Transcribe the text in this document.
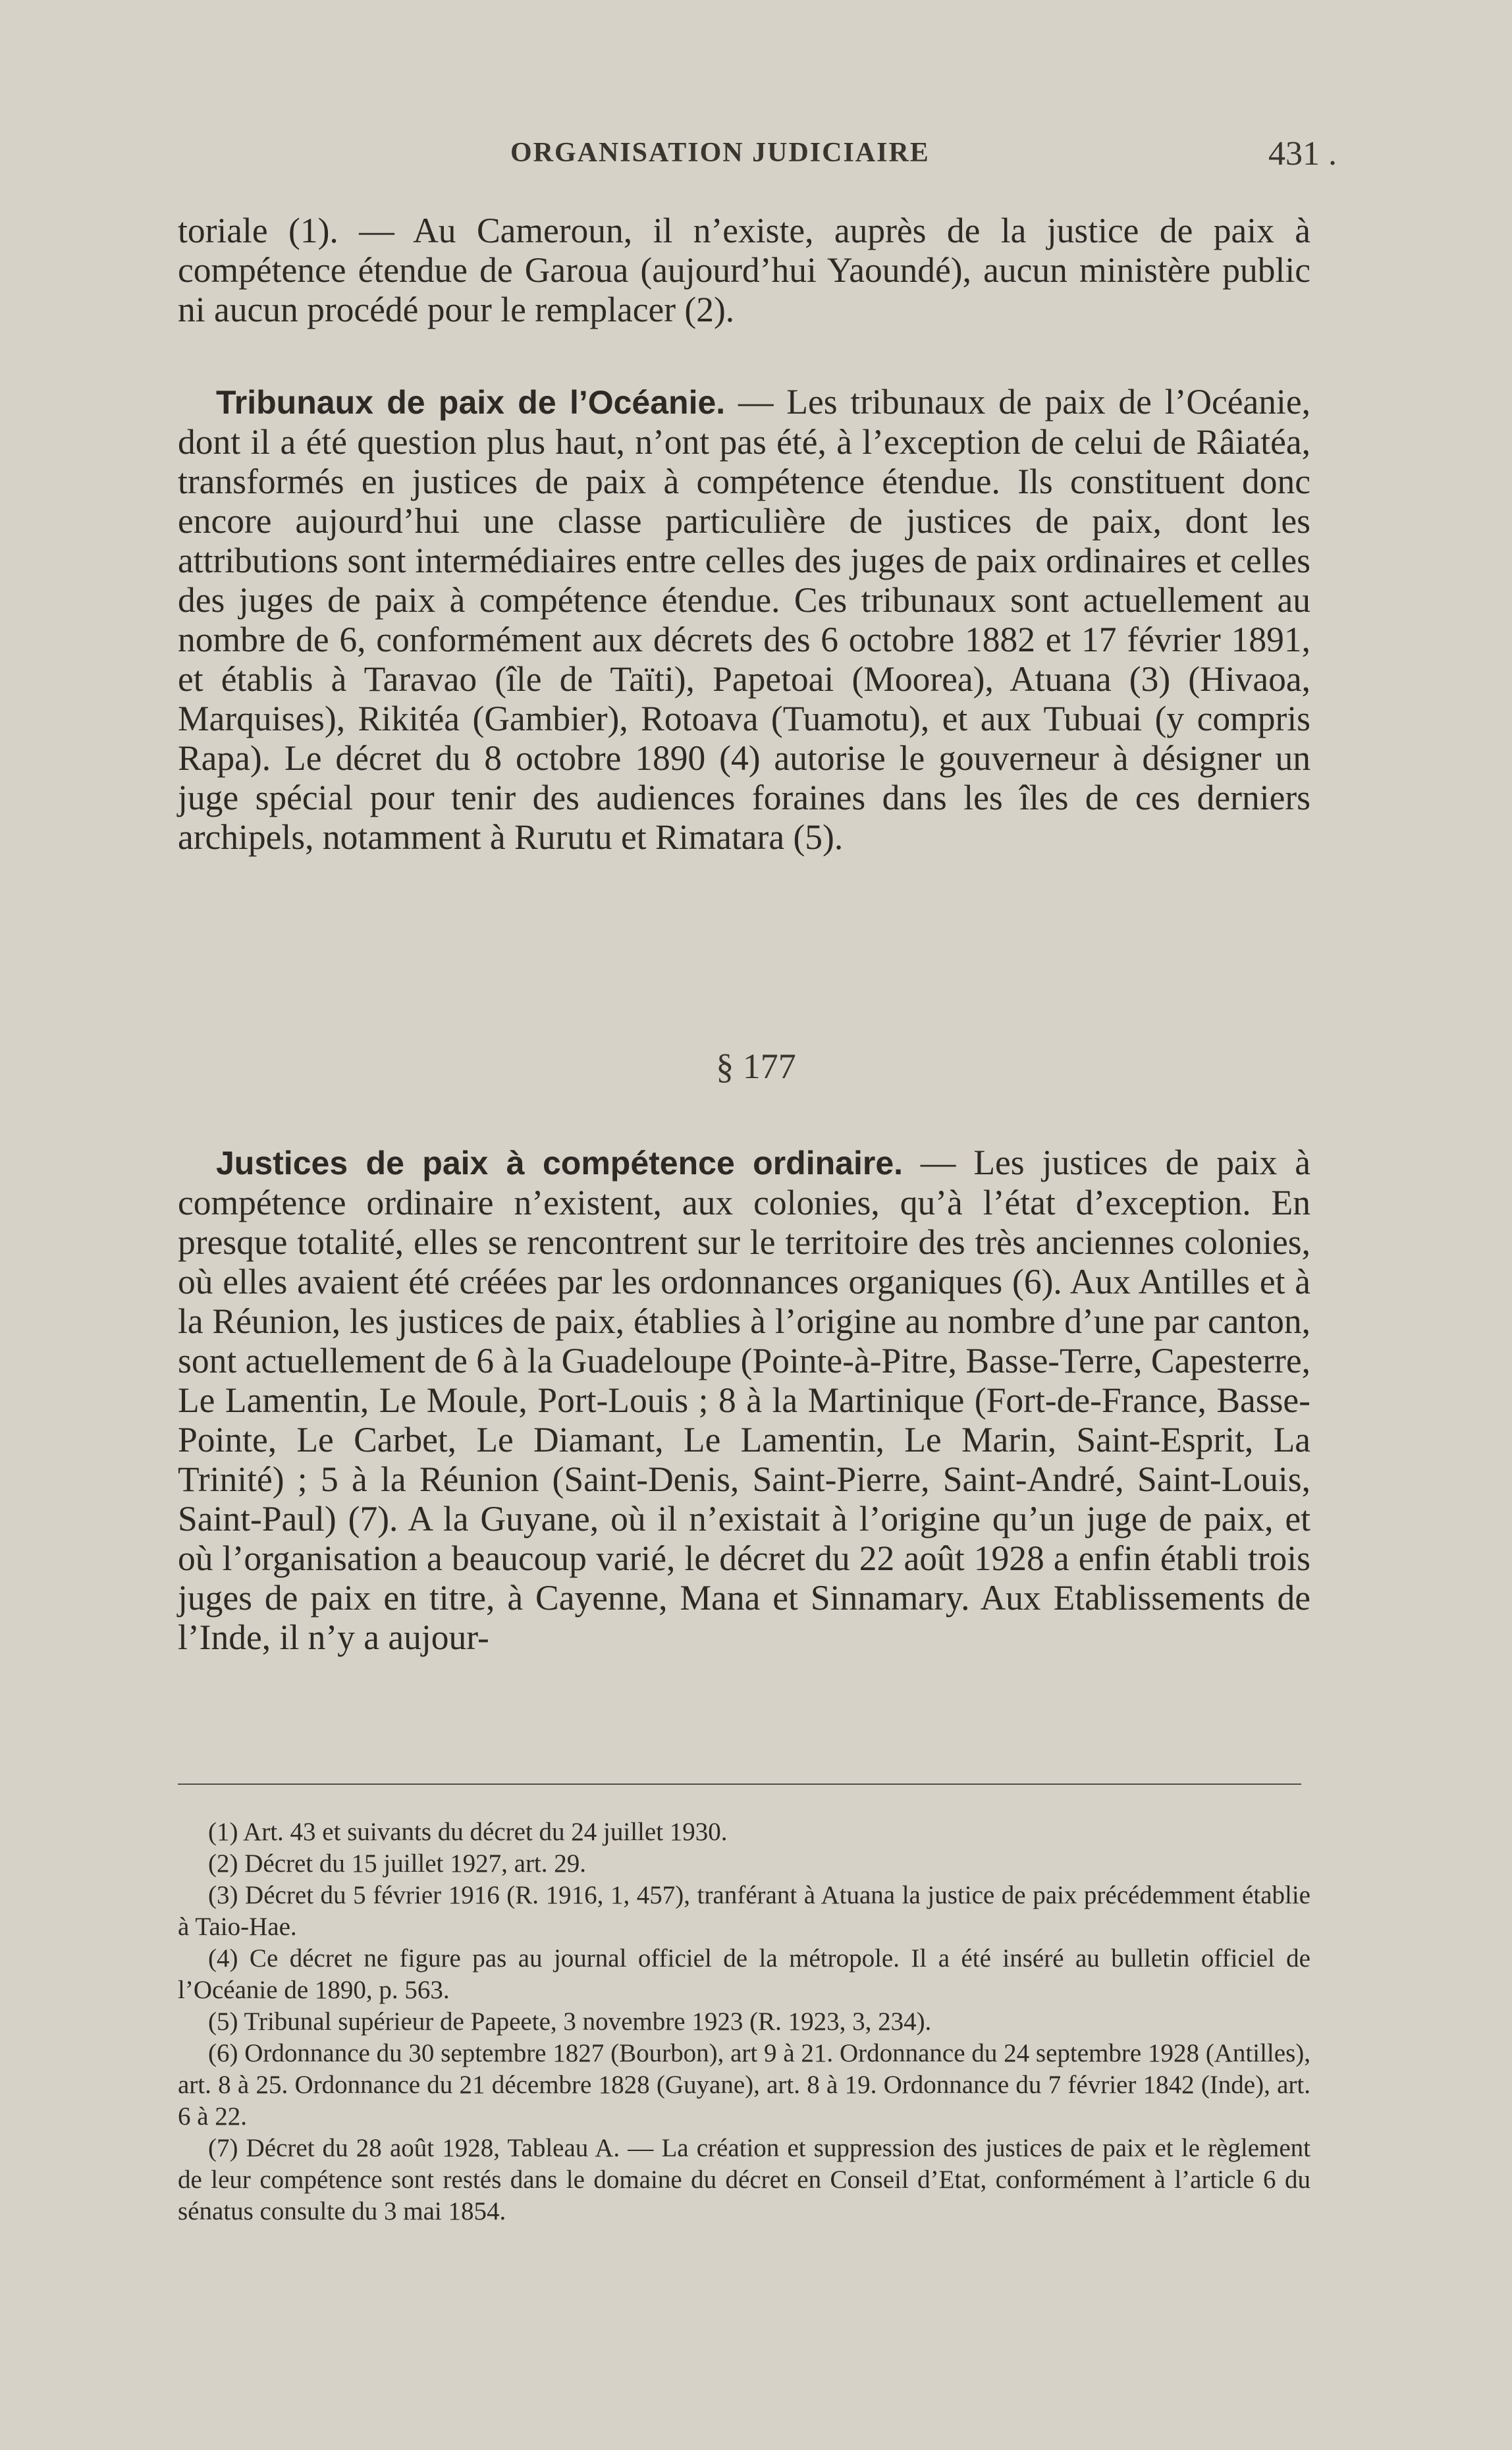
ORGANISATION JUDICIAIRE	431 .

toriale (1). — Au Cameroun, il n’existe, auprès de la justice de paix à compétence étendue de Garoua (aujourd’hui Yaoundé), aucun ministère public ni aucun procédé pour le remplacer (2).

Tribunaux de paix de l’Océanie. — Les tribunaux de paix de l’Océanie, dont il a été question plus haut, n’ont pas été, à l’exception de celui de Râiatéa, transformés en justices de paix à compétence étendue. Ils constituent donc encore aujourd’hui une classe particulière de justices de paix, dont les attributions sont intermédiaires entre celles des juges de paix ordinaires et celles des juges de paix à compétence étendue. Ces tribunaux sont actuellement au nombre de 6, conformément aux décrets des 6 octobre 1882 et 17 février 1891, et établis à Taravao (île de Taïti), Papetoai (Moorea), Atuana (3) (Hivaoa, Marquises), Rikitéa (Gambier), Rotoava (Tuamotu), et aux Tubuai (y compris Rapa). Le décret du 8 octobre 1890 (4) autorise le gouverneur à désigner un juge spécial pour tenir des audiences foraines dans les îles de ces derniers archipels, notamment à Rurutu et Rimatara (5).

§ 177

Justices de paix à compétence ordinaire. — Les justices de paix à compétence ordinaire n’existent, aux colonies, qu’à l’état d’exception. En presque totalité, elles se rencontrent sur le territoire des très anciennes colonies, où elles avaient été créées par les ordonnances organiques (6). Aux Antilles et à la Réunion, les justices de paix, établies à l’origine au nombre d’une par canton, sont actuellement de 6 à la Guadeloupe (Pointe-à-Pitre, Basse-Terre, Capesterre, Le Lamentin, Le Moule, Port-Louis ; 8 à la Martinique (Fort-de-France, Basse-Pointe, Le Carbet, Le Diamant, Le Lamentin, Le Marin, Saint-Esprit, La Trinité) ; 5 à la Réunion (Saint-Denis, Saint-Pierre, Saint-André, Saint-Louis, Saint-Paul) (7). A la Guyane, où il n’existait à l’origine qu’un juge de paix, et où l’organisation a beaucoup varié, le décret du 22 août 1928 a enfin établi trois juges de paix en titre, à Cayenne, Mana et Sinnamary. Aux Etablissements de l’Inde, il n’y a aujour-

(1) Art. 43 et suivants du décret du 24 juillet 1930.

(2) Décret du 15 juillet 1927, art. 29.

(3) Décret du 5 février 1916 (R. 1916, 1, 457), tranférant à Atuana la justice de paix précédemment établie à Taio-Hae.

(4) Ce décret ne figure pas au journal officiel de la métropole. Il a été inséré au bulletin officiel de l’Océanie de 1890, p. 563.

(5) Tribunal supérieur de Papeete, 3 novembre 1923 (R. 1923, 3, 234).

(6) Ordonnance du 30 septembre 1827 (Bourbon), art 9 à 21. Ordonnance du 24 septembre 1928 (Antilles), art. 8 à 25. Ordonnance du 21 décembre 1828 (Guyane), art. 8 à 19. Ordonnance du 7 février 1842 (Inde), art. 6 à 22.

(7) Décret du 28 août 1928, Tableau A. — La création et suppression des justices de paix et le règlement de leur compétence sont restés dans le domaine du décret en Conseil d’Etat, conformément à l’article 6 du sénatus consulte du 3 mai 1854.
